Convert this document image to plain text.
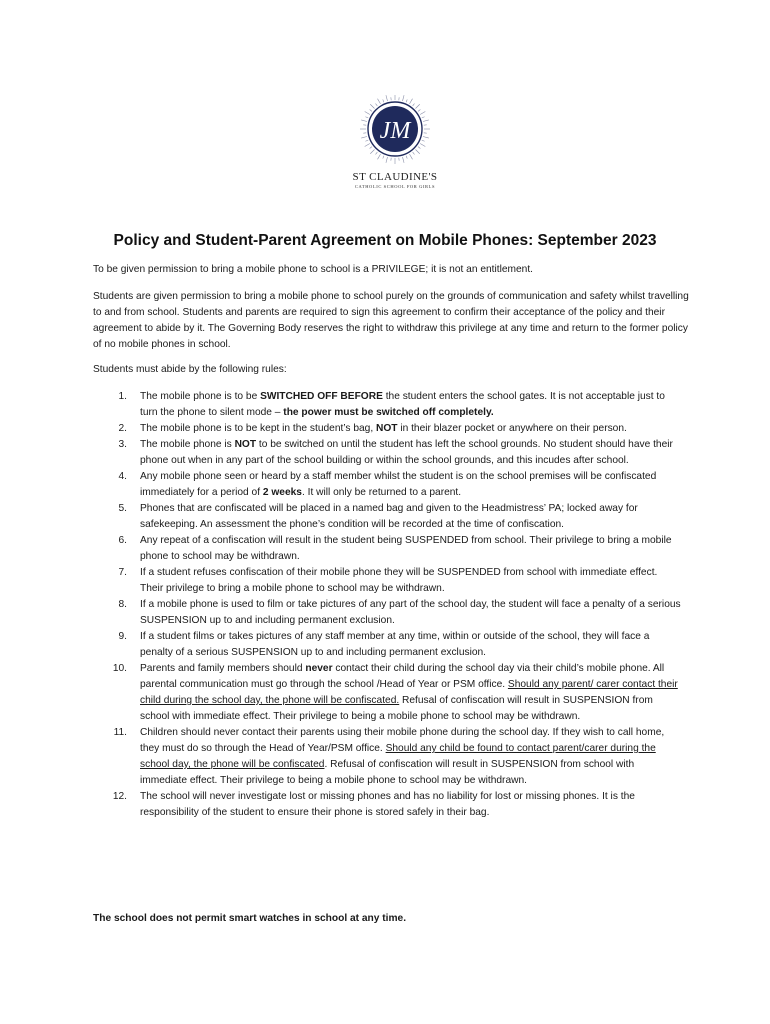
JM
ST CLAUDINE'S
CATHOLIC SCHOOL FOR GIRLS
Policy and Student-Parent Agreement on Mobile Phones: September 2023
To be given permission to bring a mobile phone to school is a PRIVILEGE; it is not an entitlement.
Students are given permission to bring a mobile phone to school purely on the grounds of communication and safety whilst travelling to and from school. Students and parents are required to sign this agreement to confirm their acceptance of the policy and their agreement to abide by it. The Governing Body reserves the right to withdraw this privilege at any time and return to the former policy of no mobile phones in school.
Students must abide by the following rules:
1. The mobile phone is to be SWITCHED OFF BEFORE the student enters the school gates. It is not acceptable just to turn the phone to silent mode – the power must be switched off completely.
2. The mobile phone is to be kept in the student’s bag, NOT in their blazer pocket or anywhere on their person.
3. The mobile phone is NOT to be switched on until the student has left the school grounds. No student should have their phone out when in any part of the school building or within the school grounds, and this incudes after school.
4. Any mobile phone seen or heard by a staff member whilst the student is on the school premises will be confiscated immediately for a period of 2 weeks. It will only be returned to a parent.
5. Phones that are confiscated will be placed in a named bag and given to the Headmistress’ PA; locked away for safekeeping. An assessment the phone’s condition will be recorded at the time of confiscation.
6. Any repeat of a confiscation will result in the student being SUSPENDED from school. Their privilege to bring a mobile phone to school may be withdrawn.
7. If a student refuses confiscation of their mobile phone they will be SUSPENDED from school with immediate effect. Their privilege to bring a mobile phone to school may be withdrawn.
8. If a mobile phone is used to film or take pictures of any part of the school day, the student will face a penalty of a serious SUSPENSION up to and including permanent exclusion.
9. If a student films or takes pictures of any staff member at any time, within or outside of the school, they will face a penalty of a serious SUSPENSION up to and including permanent exclusion.
10. Parents and family members should never contact their child during the school day via their child’s mobile phone. All parental communication must go through the school /Head of Year or PSM office. Should any parent/ carer contact their child during the school day, the phone will be confiscated. Refusal of confiscation will result in SUSPENSION from school with immediate effect. Their privilege to being a mobile phone to school may be withdrawn.
11. Children should never contact their parents using their mobile phone during the school day. If they wish to call home, they must do so through the Head of Year/PSM office. Should any child be found to contact parent/carer during the school day, the phone will be confiscated. Refusal of confiscation will result in SUSPENSION from school with immediate effect. Their privilege to being a mobile phone to school may be withdrawn.
12. The school will never investigate lost or missing phones and has no liability for lost or missing phones. It is the responsibility of the student to ensure their phone is stored safely in their bag.
The school does not permit smart watches in school at any time.
